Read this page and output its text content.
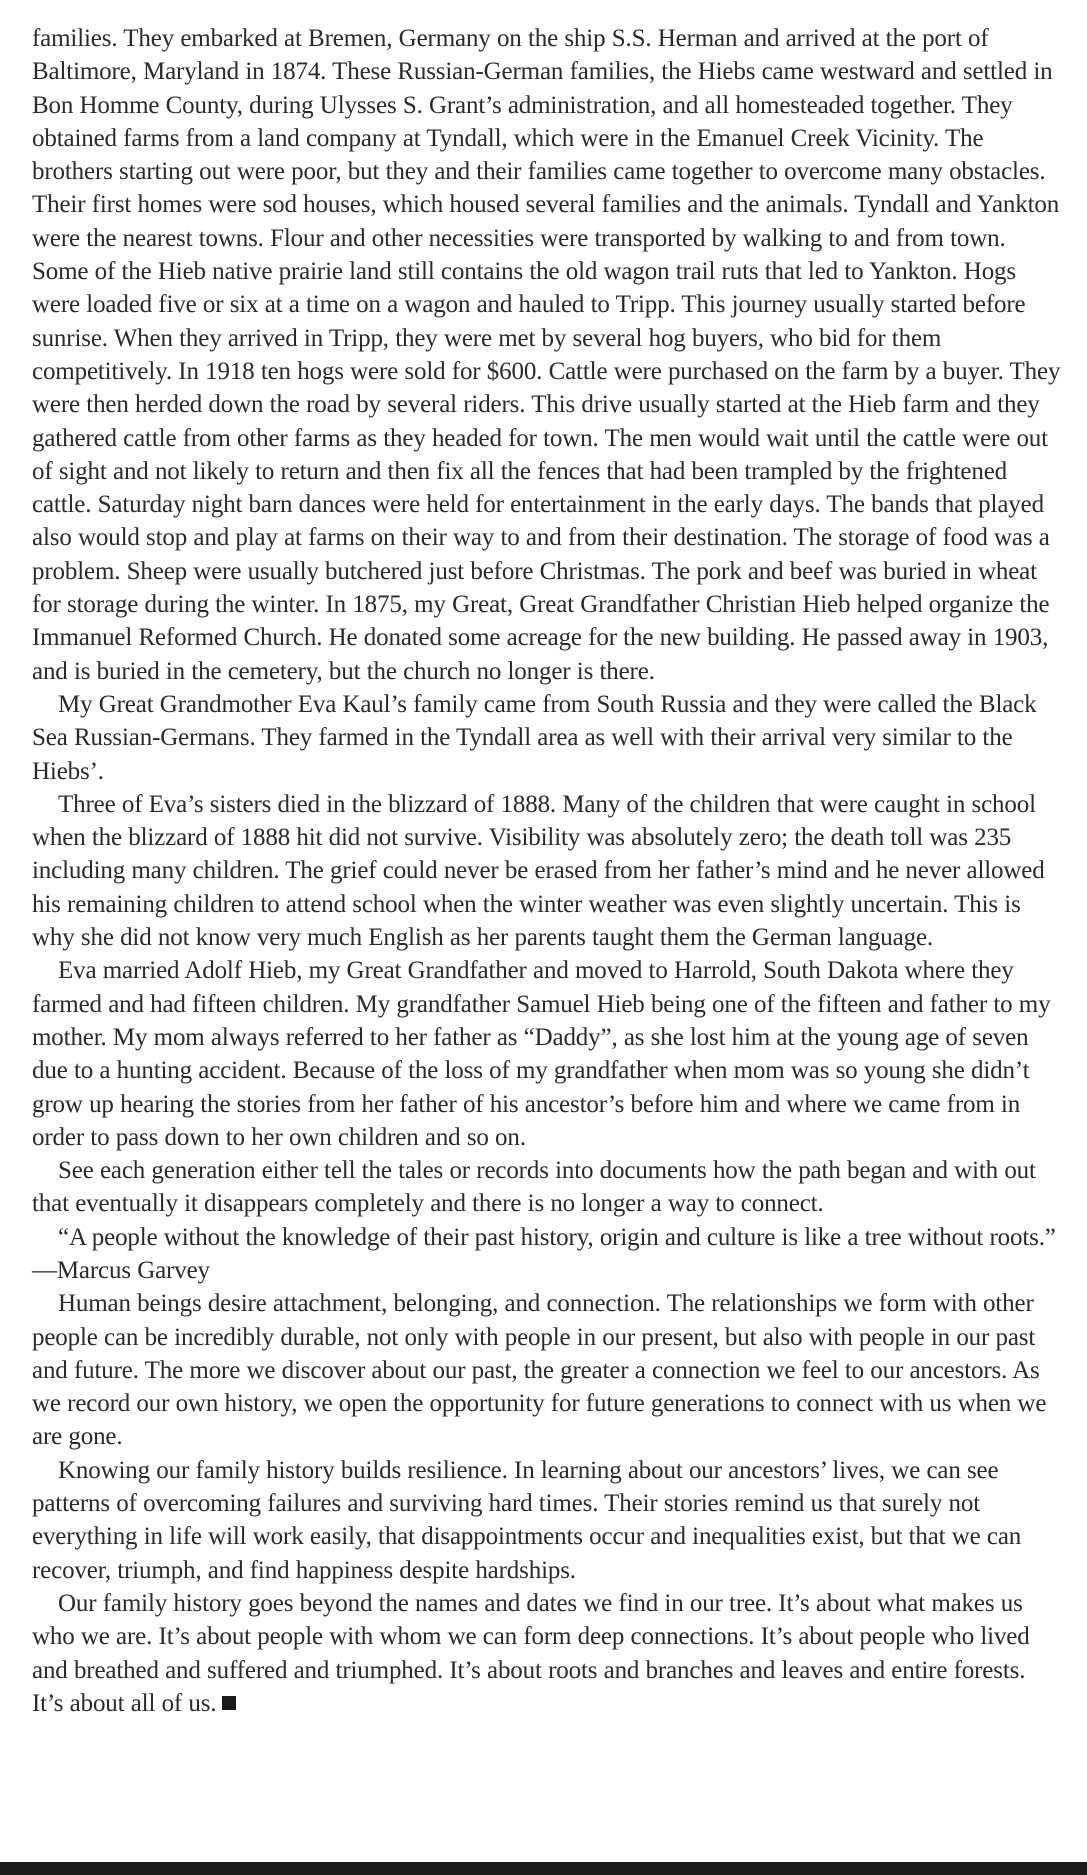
families. They embarked at Bremen, Germany on the ship S.S. Herman and arrived at the port of Baltimore, Maryland in 1874. These Russian-German families, the Hiebs came westward and settled in Bon Homme County, during Ulysses S. Grant’s administration, and all homesteaded together. They obtained farms from a land company at Tyndall, which were in the Emanuel Creek Vicinity. The brothers starting out were poor, but they and their families came together to overcome many obstacles. Their first homes were sod houses, which housed several families and the animals. Tyndall and Yankton were the nearest towns. Flour and other necessities were transported by walking to and from town. Some of the Hieb native prairie land still contains the old wagon trail ruts that led to Yankton. Hogs were loaded five or six at a time on a wagon and hauled to Tripp. This journey usually started before sunrise. When they arrived in Tripp, they were met by several hog buyers, who bid for them competitively. In 1918 ten hogs were sold for $600. Cattle were purchased on the farm by a buyer. They were then herded down the road by several riders. This drive usually started at the Hieb farm and they gathered cattle from other farms as they headed for town. The men would wait until the cattle were out of sight and not likely to return and then fix all the fences that had been trampled by the frightened cattle. Saturday night barn dances were held for entertainment in the early days. The bands that played also would stop and play at farms on their way to and from their destination. The storage of food was a problem. Sheep were usually butchered just before Christmas. The pork and beef was buried in wheat for storage during the winter. In 1875, my Great, Great Grandfather Christian Hieb helped organize the Immanuel Reformed Church. He donated some acreage for the new building. He passed away in 1903, and is buried in the cemetery, but the church no longer is there.

My Great Grandmother Eva Kaul’s family came from South Russia and they were called the Black Sea Russian-Germans. They farmed in the Tyndall area as well with their arrival very similar to the Hiebs’.

Three of Eva’s sisters died in the blizzard of 1888. Many of the children that were caught in school when the blizzard of 1888 hit did not survive. Visibility was absolutely zero; the death toll was 235 including many children. The grief could never be erased from her father’s mind and he never allowed his remaining children to attend school when the winter weather was even slightly uncertain. This is why she did not know very much English as her parents taught them the German language.

Eva married Adolf Hieb, my Great Grandfather and moved to Harrold, South Dakota where they farmed and had fifteen children. My grandfather Samuel Hieb being one of the fifteen and father to my mother. My mom always referred to her father as “Daddy”, as she lost him at the young age of seven due to a hunting accident. Because of the loss of my grandfather when mom was so young she didn’t grow up hearing the stories from her father of his ancestor’s before him and where we came from in order to pass down to her own children and so on.

See each generation either tell the tales or records into documents how the path began and with out that eventually it disappears completely and there is no longer a way to connect.

“A people without the knowledge of their past history, origin and culture is like a tree without roots.” —Marcus Garvey

Human beings desire attachment, belonging, and connection. The relationships we form with other people can be incredibly durable, not only with people in our present, but also with people in our past and future. The more we discover about our past, the greater a connection we feel to our ancestors. As we record our own history, we open the opportunity for future generations to connect with us when we are gone.

Knowing our family history builds resilience. In learning about our ancestors’ lives, we can see patterns of overcoming failures and surviving hard times. Their stories remind us that surely not everything in life will work easily, that disappointments occur and inequalities exist, but that we can recover, triumph, and find happiness despite hardships.

Our family history goes beyond the names and dates we find in our tree. It’s about what makes us who we are. It’s about people with whom we can form deep connections. It’s about people who lived and breathed and suffered and triumphed. It’s about roots and branches and leaves and entire forests. It’s about all of us.
